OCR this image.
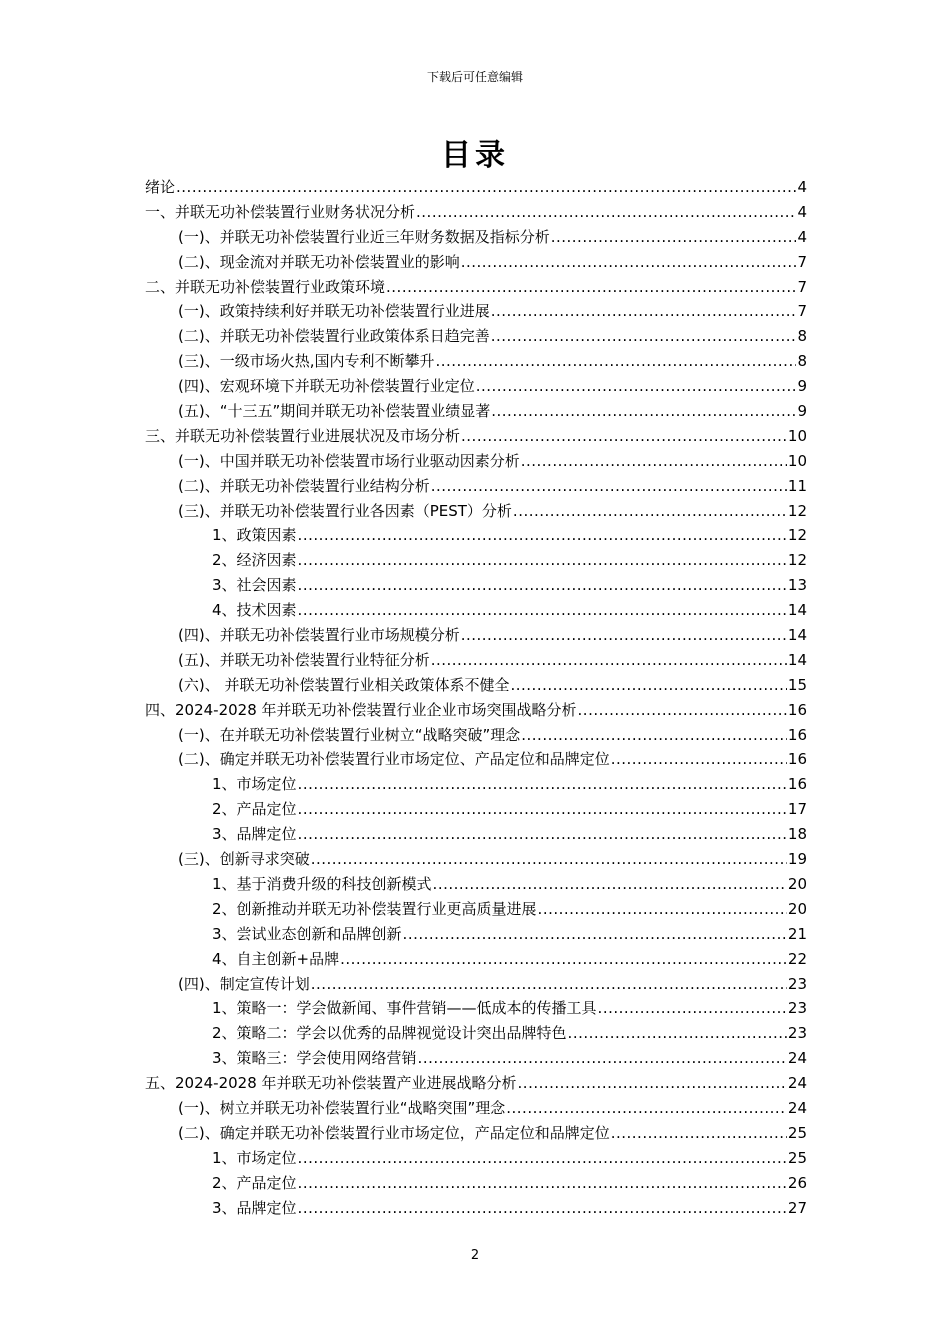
下载后可任意编辑
目录
绪论 .....	4
一、并联无功补偿装置行业财务状况分析 .....	4
(一)、并联无功补偿装置行业近三年财务数据及指标分析 .....	4
(二)、现金流对并联无功补偿装置业的影响 .....	7
二、并联无功补偿装置行业政策环境 .....	7
(一)、政策持续利好并联无功补偿装置行业进展 .....	7
(二)、并联无功补偿装置行业政策体系日趋完善 .....	8
(三)、一级市场火热,国内专利不断攀升 .....	8
(四)、宏观环境下并联无功补偿装置行业定位 .....	9
(五)、“十三五”期间并联无功补偿装置业绩显著 .....	9
三、并联无功补偿装置行业进展状况及市场分析 .....	10
(一)、中国并联无功补偿装置市场行业驱动因素分析 .....	10
(二)、并联无功补偿装置行业结构分析 .....	11
(三)、并联无功补偿装置行业各因素（PEST）分析 .....	12
1、政策因素 .....	12
2、经济因素 .....	12
3、社会因素 .....	13
4、技术因素 .....	14
(四)、并联无功补偿装置行业市场规模分析 .....	14
(五)、并联无功补偿装置行业特征分析 .....	14
(六)、 并联无功补偿装置行业相关政策体系不健全 .....	15
四、2024-2028 年并联无功补偿装置行业企业市场突围战略分析 .....	16
(一)、在并联无功补偿装置行业树立“战略突破”理念 .....	16
(二)、确定并联无功补偿装置行业市场定位、产品定位和品牌定位 .....	16
1、市场定位 .....	16
2、产品定位 .....	17
3、品牌定位 .....	18
(三)、创新寻求突破 .....	19
1、基于消费升级的科技创新模式 .....	20
2、创新推动并联无功补偿装置行业更高质量进展 .....	20
3、尝试业态创新和品牌创新 .....	21
4、自主创新+品牌 .....	22
(四)、制定宣传计划 .....	23
1、策略一：学会做新闻、事件营销——低成本的传播工具 .....	23
2、策略二：学会以优秀的品牌视觉设计突出品牌特色 .....	23
3、策略三：学会使用网络营销 .....	24
五、2024-2028 年并联无功补偿装置产业进展战略分析 .....	24
(一)、树立并联无功补偿装置行业“战略突围”理念 .....	24
(二)、确定并联无功补偿装置行业市场定位，产品定位和品牌定位 .....	25
1、市场定位 .....	25
2、产品定位 .....	26
3、品牌定位 .....	27
2
